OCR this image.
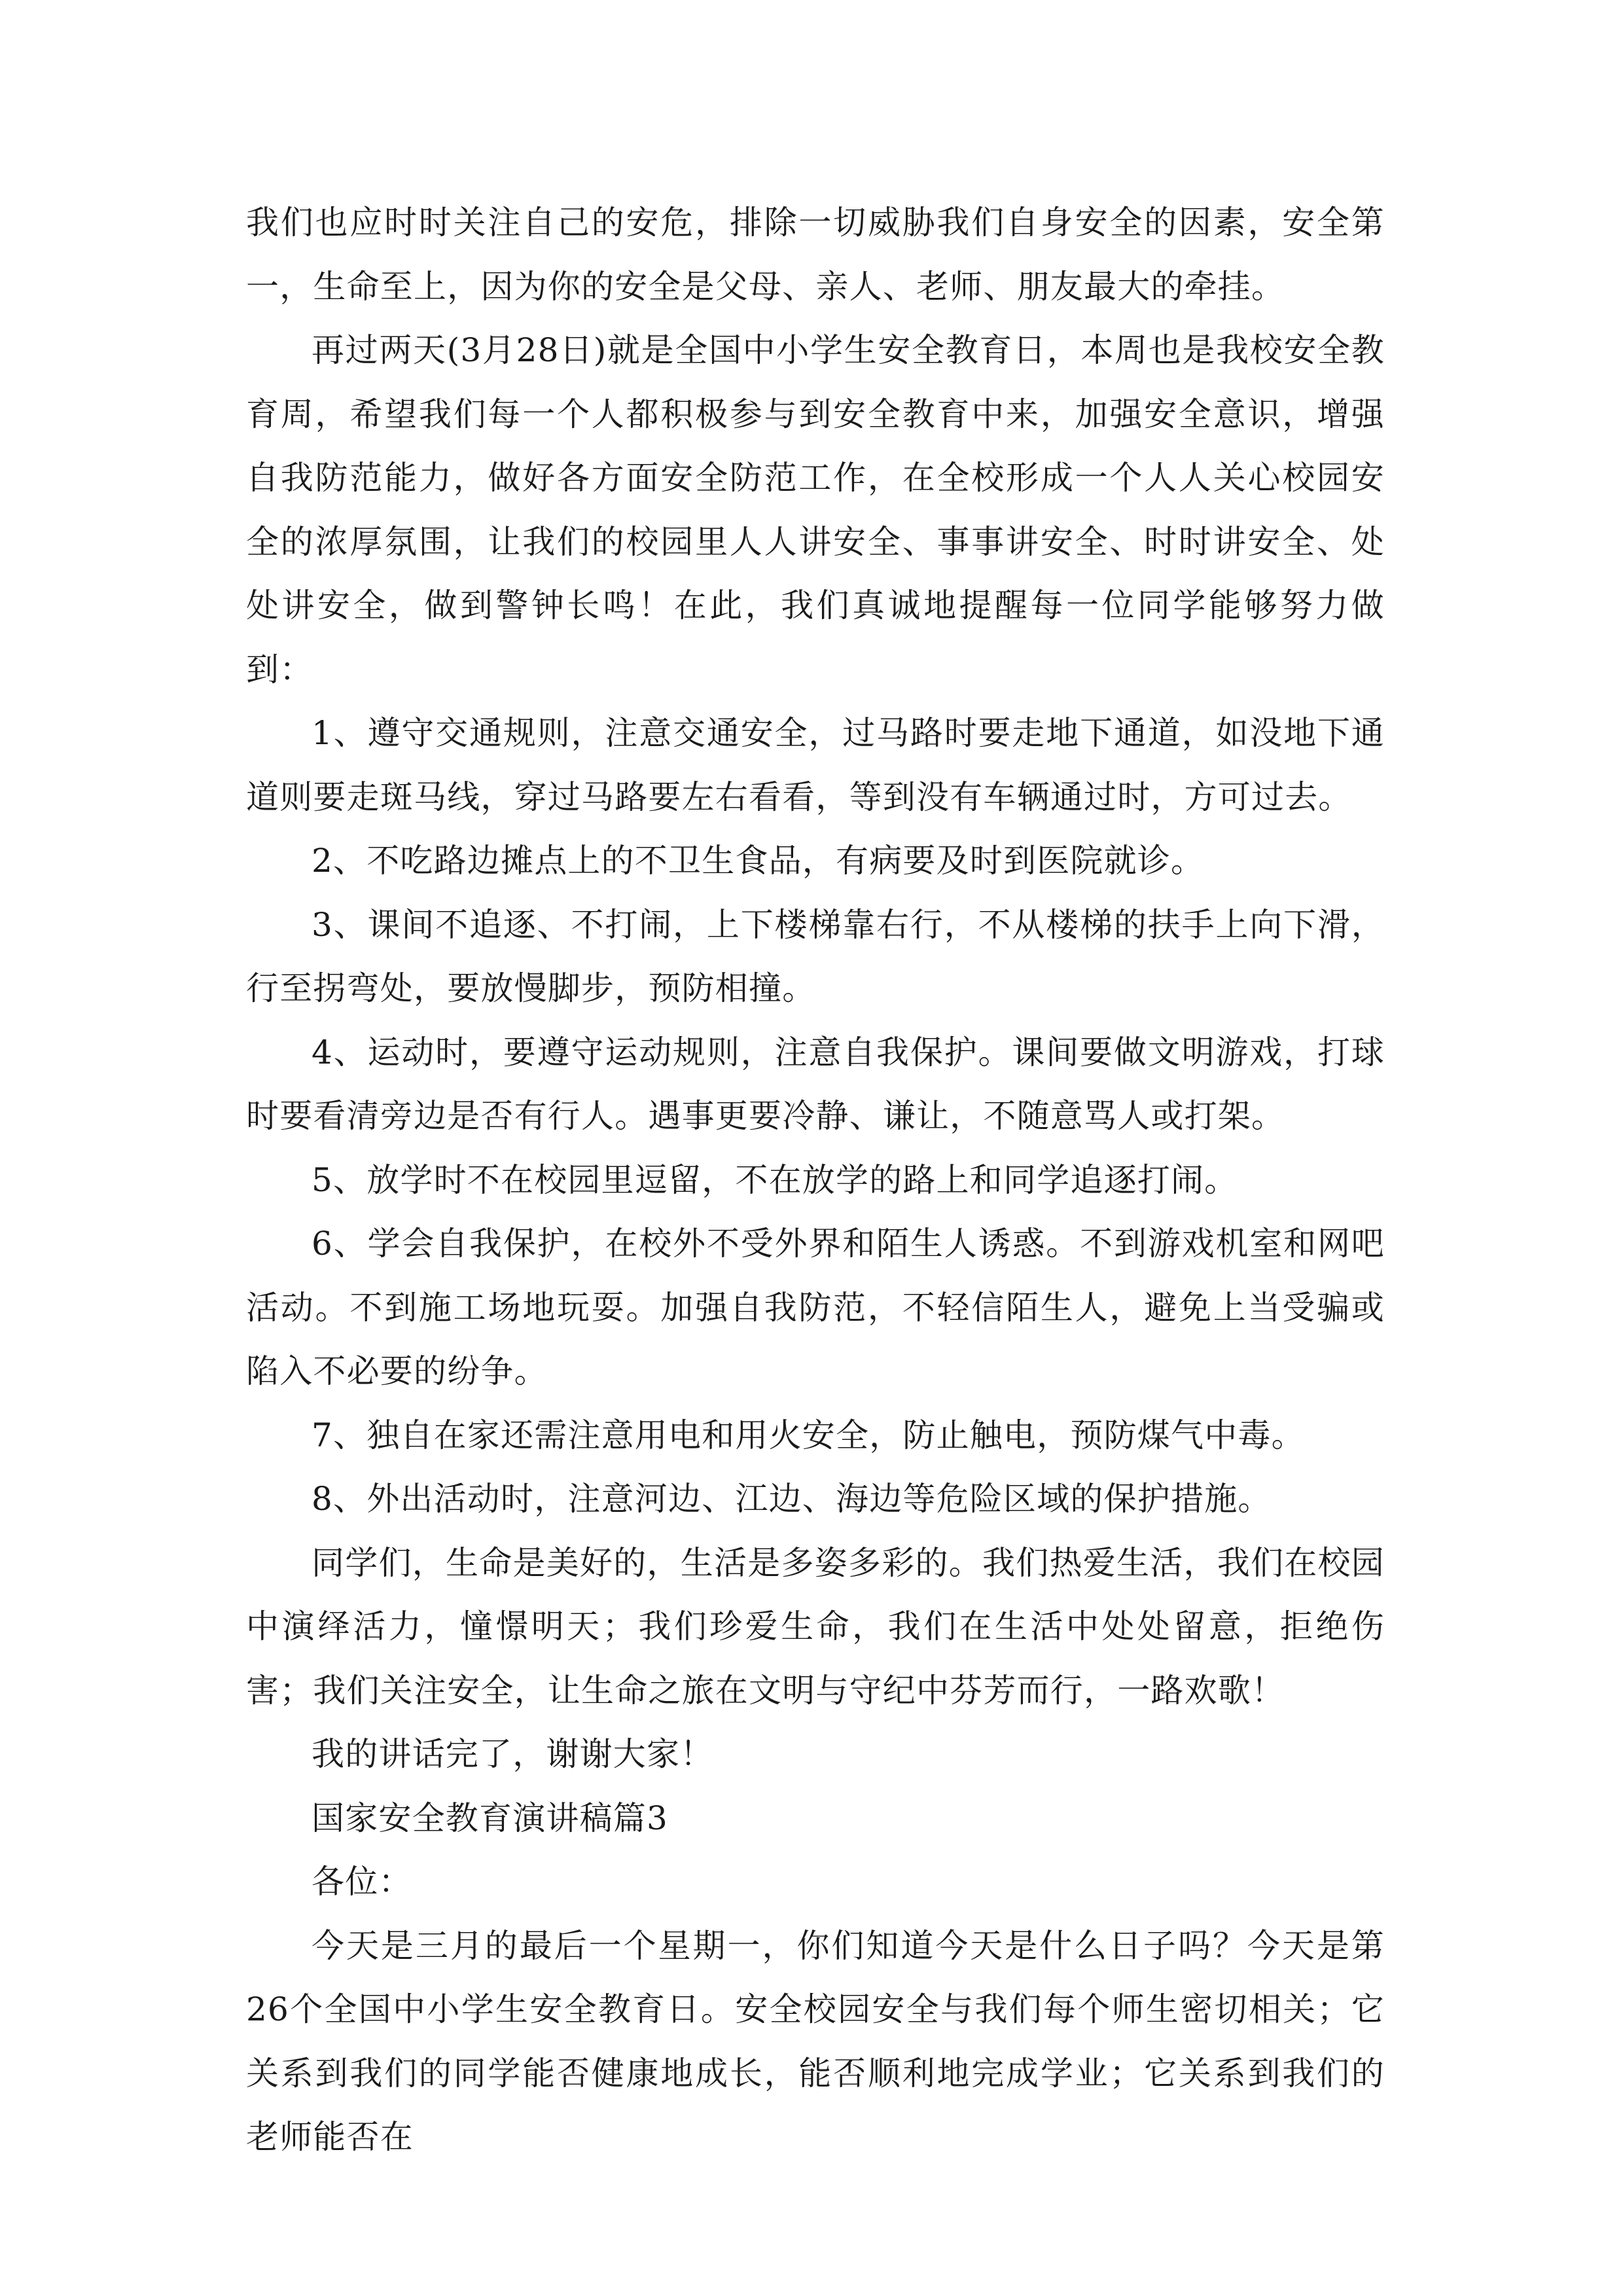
我们也应时时关注自己的安危，排除一切威胁我们自身安全的因素，安全第一，生命至上，因为你的安全是父母、亲人、老师、朋友最大的牵挂。

再过两天(3月28日)就是全国中小学生安全教育日，本周也是我校安全教育周，希望我们每一个人都积极参与到安全教育中来，加强安全意识，增强自我防范能力，做好各方面安全防范工作，在全校形成一个人人关心校园安全的浓厚氛围，让我们的校园里人人讲安全、事事讲安全、时时讲安全、处处讲安全，做到警钟长鸣！在此，我们真诚地提醒每一位同学能够努力做到：

1、遵守交通规则，注意交通安全，过马路时要走地下通道，如没地下通道则要走斑马线，穿过马路要左右看看，等到没有车辆通过时，方可过去。

2、不吃路边摊点上的不卫生食品，有病要及时到医院就诊。

3、课间不追逐、不打闹，上下楼梯靠右行，不从楼梯的扶手上向下滑，行至拐弯处，要放慢脚步，预防相撞。

4、运动时，要遵守运动规则，注意自我保护。课间要做文明游戏，打球时要看清旁边是否有行人。遇事更要冷静、谦让，不随意骂人或打架。

5、放学时不在校园里逗留，不在放学的路上和同学追逐打闹。

6、学会自我保护，在校外不受外界和陌生人诱惑。不到游戏机室和网吧活动。不到施工场地玩耍。加强自我防范，不轻信陌生人，避免上当受骗或陷入不必要的纷争。

7、独自在家还需注意用电和用火安全，防止触电，预防煤气中毒。

8、外出活动时，注意河边、江边、海边等危险区域的保护措施。

同学们，生命是美好的，生活是多姿多彩的。我们热爱生活，我们在校园中演绎活力，憧憬明天；我们珍爱生命，我们在生活中处处留意，拒绝伤害；我们关注安全，让生命之旅在文明与守纪中芬芳而行，一路欢歌！

我的讲话完了，谢谢大家！

国家安全教育演讲稿篇3

各位：

今天是三月的最后一个星期一，你们知道今天是什么日子吗？今天是第26个全国中小学生安全教育日。安全校园安全与我们每个师生密切相关；它关系到我们的同学能否健康地成长，能否顺利地完成学业；它关系到我们的老师能否在
